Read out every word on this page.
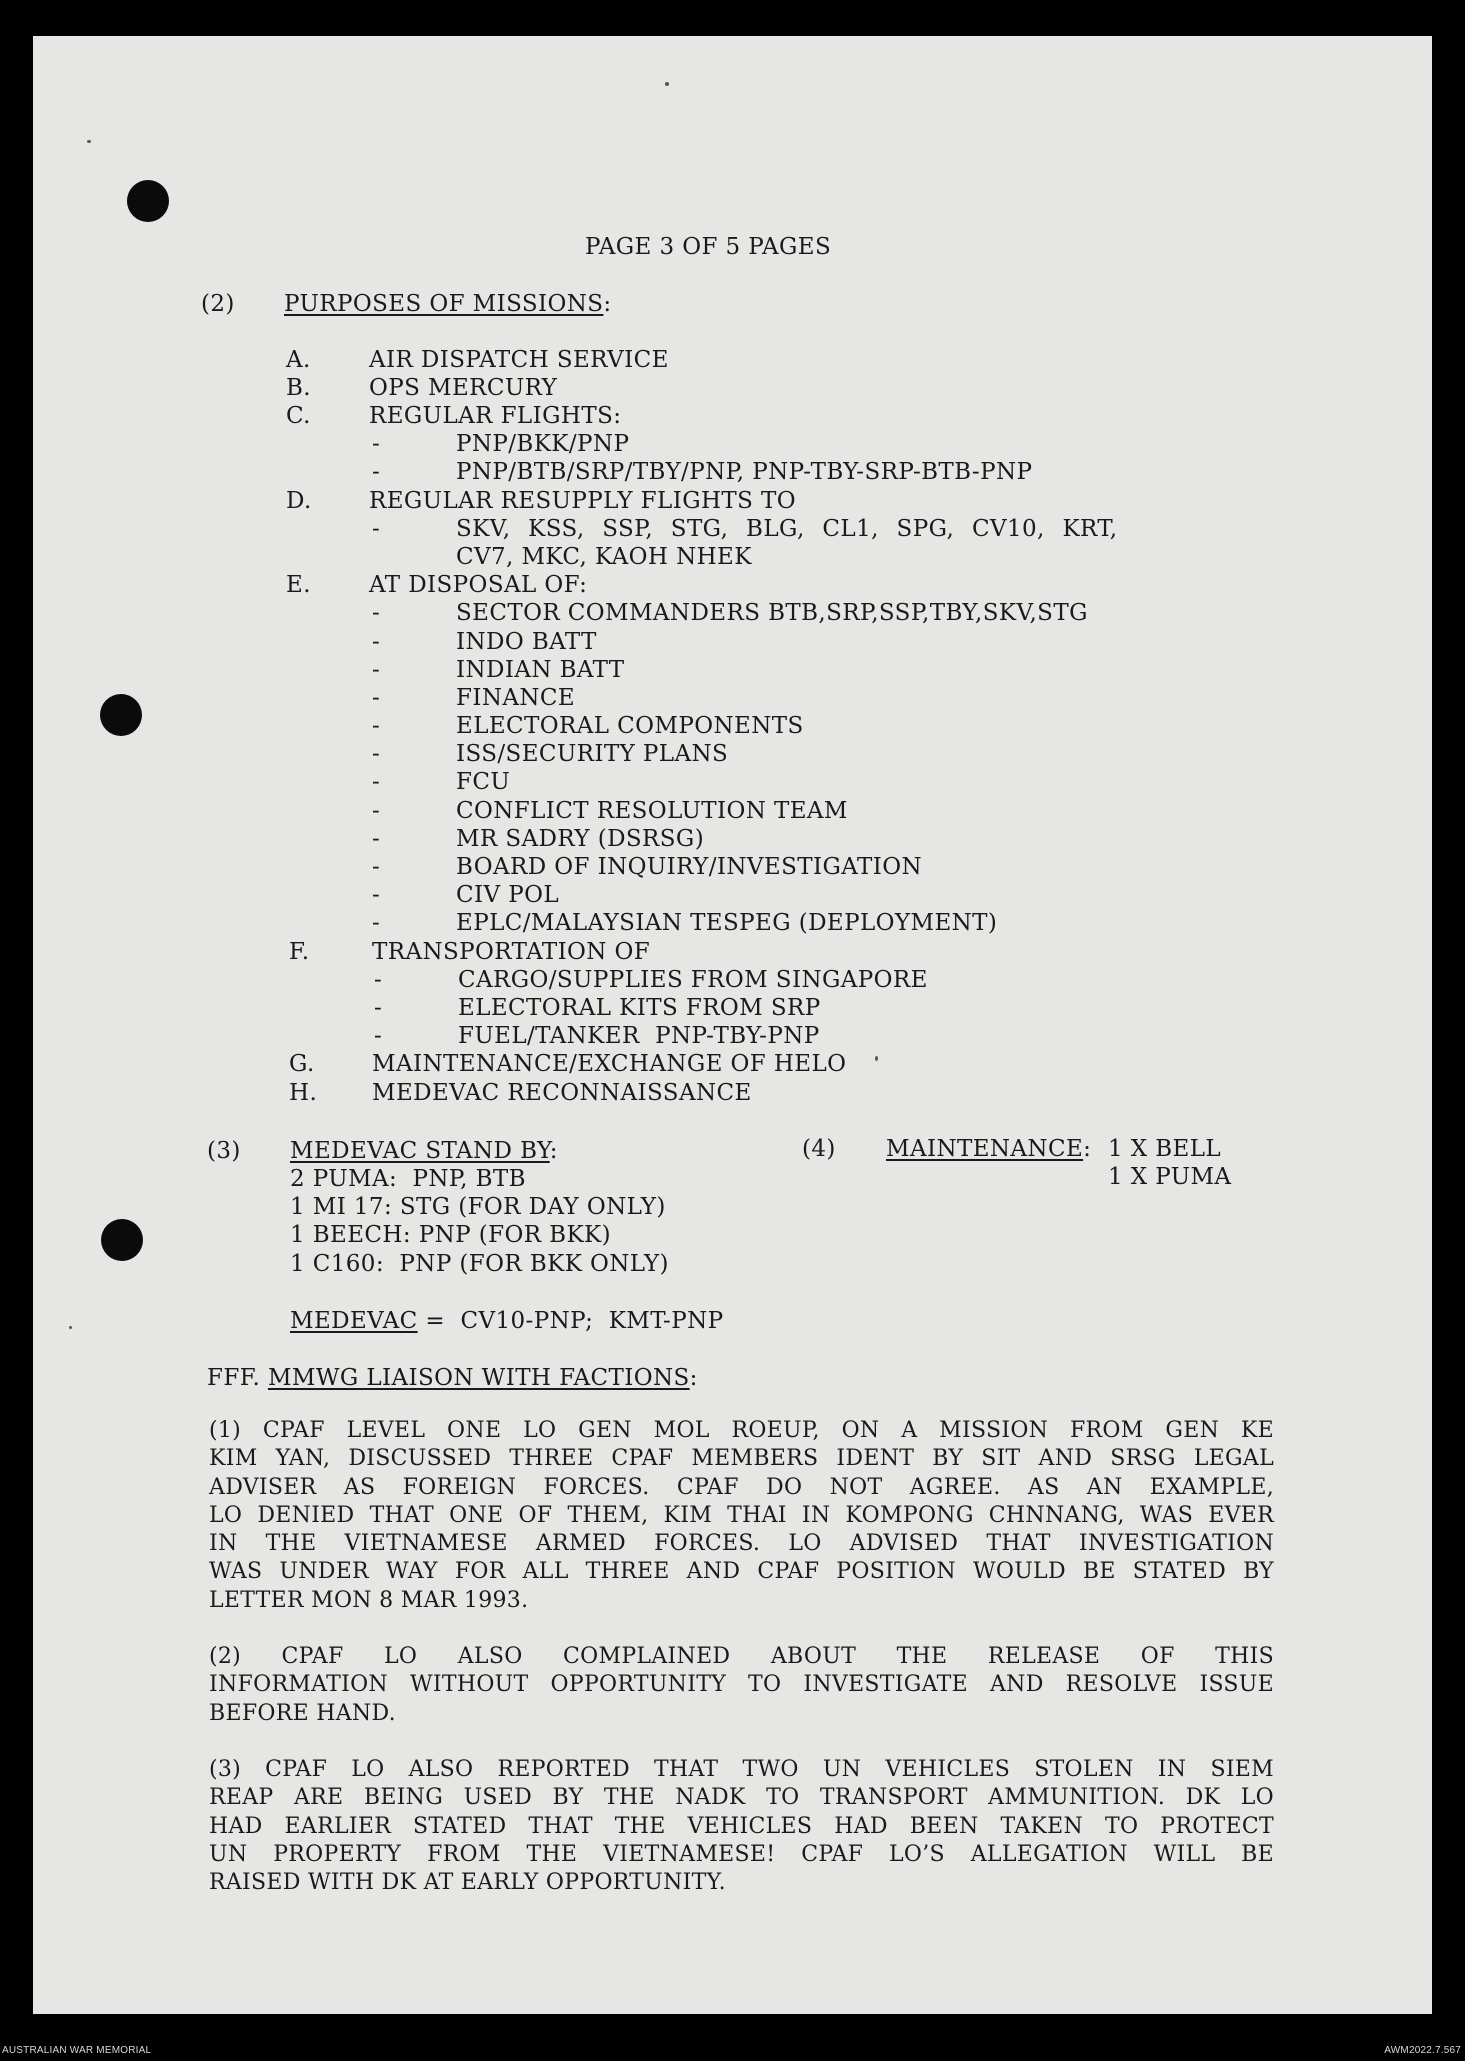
PAGE 3 OF 5 PAGES
(2) PURPOSES OF MISSIONS:
A.	AIR DISPATCH SERVICE
B.	OPS MERCURY
C.	REGULAR FLIGHTS:
-	PNP/BKK/PNP
-	PNP/BTB/SRP/TBY/PNP, PNP-TBY-SRP-BTB-PNP
D. REGULAR RESUPPLY FLIGHTS TO
-	SKV, KSS, SSP, STG, BLG, CL1, SPG, CV10, KRT,
CV7, MKC, KAOH NHEK
E.	AT DISPOSAL OF:
-	SECTOR COMMANDERS BTB,SRP,SSP,TBY,SKV,STG
-	INDO BATT
-	INDIAN BATT
-	FINANCE
-	ELECTORAL COMPONENTS
-	ISS/SECURITY PLANS
-	FCU
-	CONFLICT RESOLUTION TEAM
-	MR SADRY (DSRSG)
-	BOARD OF INQUIRY/INVESTIGATION
-	CIV POL
-	EPLC/MALAYSIAN TESPEG (DEPLOYMENT)
F.	TRANSPORTATION OF
-	CARGO/SUPPLIES FROM SINGAPORE
-	ELECTORAL KITS FROM SRP
-	FUEL/TANKER  PNP-TBY-PNP
G. MAINTENANCE/EXCHANGE OF HELO
H. MEDEVAC RECONNAISSANCE
(3) MEDEVAC STAND BY:
2 PUMA:  PNP, BTB
1 MI 17: STG (FOR DAY ONLY)
1 BEECH: PNP (FOR BKK)
1 C160:  PNP (FOR BKK ONLY)
MEDEVAC =  CV10-PNP;  KMT-PNP
(4) MAINTENANCE: 1 X BELL
1 X PUMA
FFF. MMWG LIAISON WITH FACTIONS:
(1) CPAF LEVEL ONE LO GEN MOL ROEUP, ON A MISSION FROM GEN KE
KIM YAN, DISCUSSED THREE CPAF MEMBERS IDENT BY SIT AND SRSG LEGAL
ADVISER AS FOREIGN FORCES. CPAF DO NOT AGREE. AS AN EXAMPLE,
LO DENIED THAT ONE OF THEM, KIM THAI IN KOMPONG CHNNANG, WAS EVER
IN THE VIETNAMESE ARMED FORCES. LO ADVISED THAT INVESTIGATION
WAS UNDER WAY FOR ALL THREE AND CPAF POSITION WOULD BE STATED BY
LETTER MON 8 MAR 1993.
(2) CPAF LO ALSO COMPLAINED ABOUT THE RELEASE OF THIS
INFORMATION WITHOUT OPPORTUNITY TO INVESTIGATE AND RESOLVE ISSUE
BEFORE HAND.
(3) CPAF LO ALSO REPORTED THAT TWO UN VEHICLES STOLEN IN SIEM
REAP ARE BEING USED BY THE NADK TO TRANSPORT AMMUNITION. DK LO
HAD EARLIER STATED THAT THE VEHICLES HAD BEEN TAKEN TO PROTECT
UN PROPERTY FROM THE VIETNAMESE! CPAF LO’S ALLEGATION WILL BE
RAISED WITH DK AT EARLY OPPORTUNITY.
AUSTRALIAN WAR MEMORIAL	AWM2022.7.567
